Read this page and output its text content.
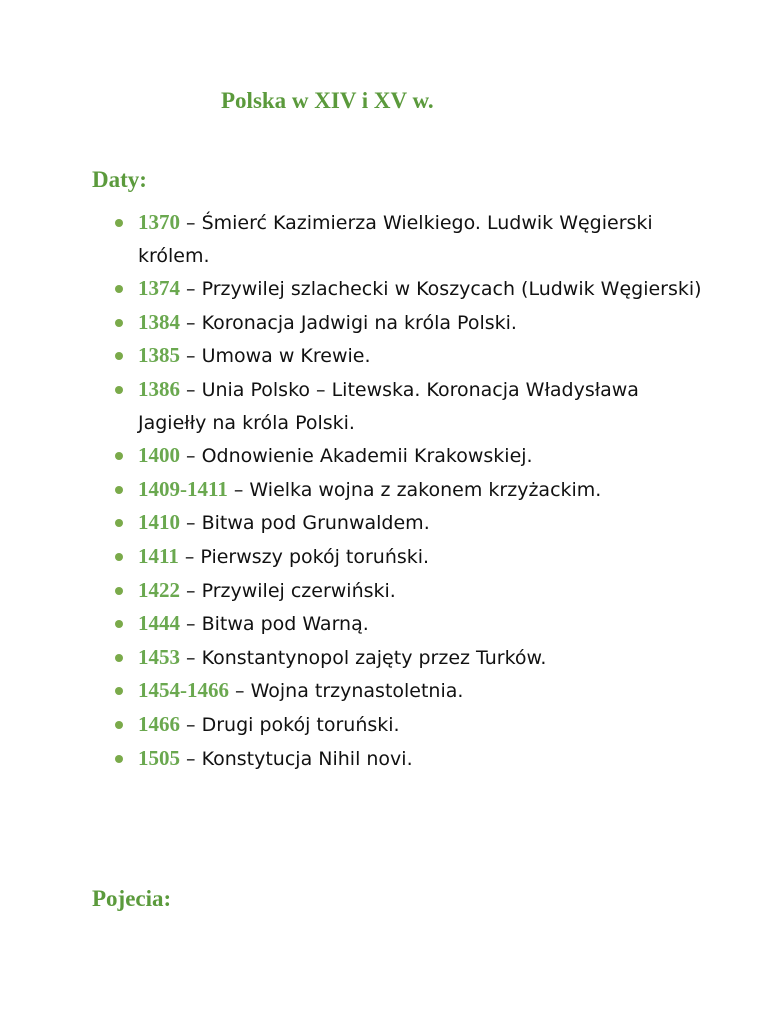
Polska w XIV i XV w.
Daty:
1370 – Śmierć Kazimierza Wielkiego. Ludwik Węgierski królem.
1374 – Przywilej szlachecki w Koszycach (Ludwik Węgierski)
1384 – Koronacja Jadwigi na króla Polski.
1385 – Umowa w Krewie.
1386 – Unia Polsko – Litewska. Koronacja Władysława Jagiełły na króla Polski.
1400 – Odnowienie Akademii Krakowskiej.
1409-1411 – Wielka wojna z zakonem krzyżackim.
1410 – Bitwa pod Grunwaldem.
1411 – Pierwszy pokój toruński.
1422 – Przywilej czerwiński.
1444 – Bitwa pod Warną.
1453 – Konstantynopol zajęty przez Turków.
1454-1466 – Wojna trzynastoletnia.
1466 – Drugi pokój toruński.
1505 – Konstytucja Nihil novi.
Pojecia:
